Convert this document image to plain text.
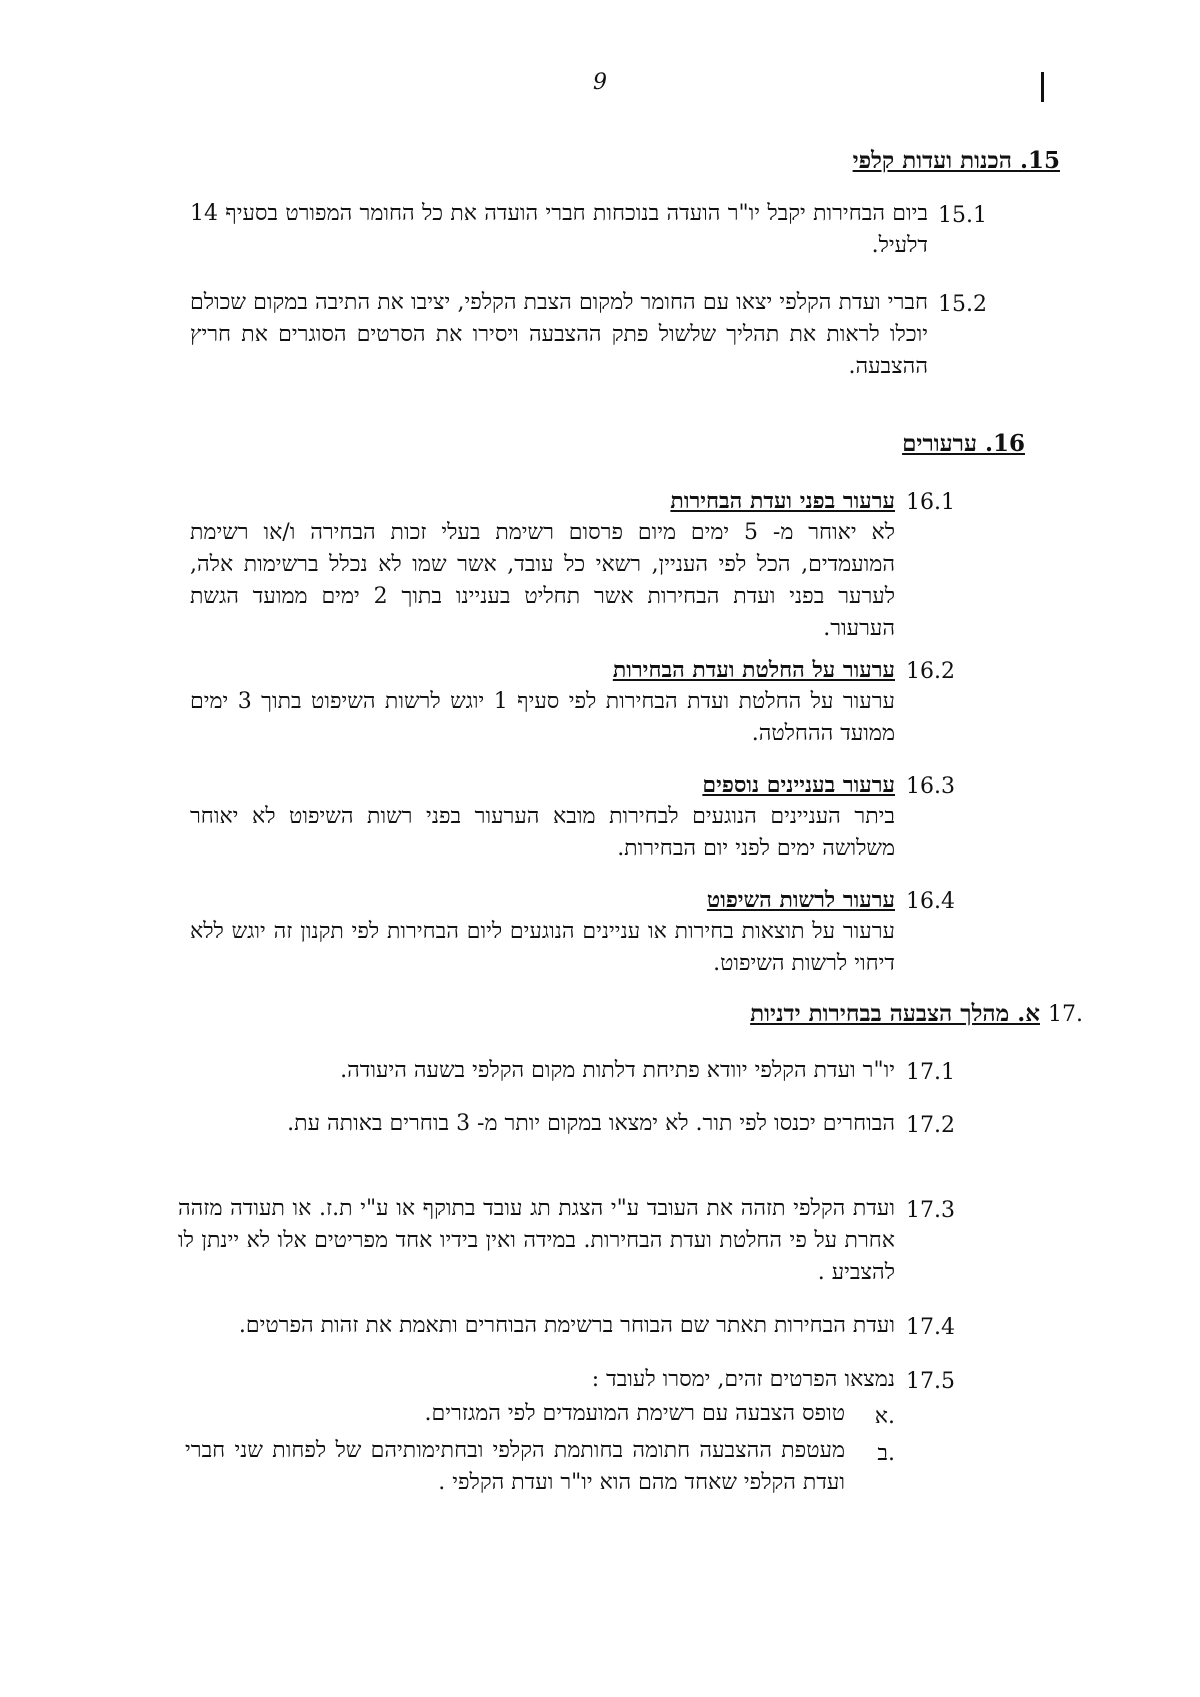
9
15. הכנות ועדות קלפי
15.1
ביום הבחירות יקבל יו"ר הועדה בנוכחות חברי הועדה את כל החומר המפורט בסעיף 14 דלעיל.
15.2
חברי ועדת הקלפי יצאו עם החומר למקום הצבת הקלפי, יציבו את התיבה במקום שכולם יוכלו לראות את תהליך שלשול פתק ההצבעה ויסירו את הסרטים הסוגרים את חריץ ההצבעה.
16. ערעורים
16.1
ערעור בפני ועדת הבחירות
לא יאוחר מ- 5 ימים מיום פרסום רשימת בעלי זכות הבחירה ו/או רשימת המועמדים, הכל לפי העניין, רשאי כל עובד, אשר שמו לא נכלל ברשימות אלה, לערער בפני ועדת הבחירות אשר תחליט בעניינו בתוך 2 ימים ממועד הגשת הערעור.
16.2
ערעור על החלטת ועדת הבחירות
ערעור על החלטת ועדת הבחירות לפי סעיף 1 יוגש לרשות השיפוט בתוך 3 ימים ממועד ההחלטה.
16.3
ערעור בעניינים נוספים
ביתר העניינים הנוגעים לבחירות מובא הערעור בפני רשות השיפוט לא יאוחר משלושה ימים לפני יום הבחירות.
16.4
ערעור לרשות השיפוט
ערעור על תוצאות בחירות או עניינים הנוגעים ליום הבחירות לפי תקנון זה יוגש ללא דיחוי לרשות השיפוט.
17.
א. מהלך הצבעה בבחירות ידניות
17.1
יו"ר ועדת הקלפי יוודא פתיחת דלתות מקום הקלפי בשעה היעודה.
17.2
הבוחרים יכנסו לפי תור. לא ימצאו במקום יותר מ- 3 בוחרים באותה עת.
17.3
ועדת הקלפי תזהה את העובד ע"י הצגת תג עובד בתוקף או ע"י ת.ז. או תעודה מזהה אחרת על פי החלטת ועדת הבחירות. במידה ואין בידיו אחד מפריטים אלו לא יינתן לו להצביע .
17.4
ועדת הבחירות תאתר שם הבוחר ברשימת הבוחרים ותאמת את זהות הפרטים.
17.5
נמצאו הפרטים זהים, ימסרו לעובד :
א.
טופס הצבעה עם רשימת המועמדים לפי המגזרים.
ב.
מעטפת ההצבעה חתומה בחותמת הקלפי ובחתימותיהם של לפחות שני חברי ועדת הקלפי שאחד מהם הוא יו"ר ועדת הקלפי .
